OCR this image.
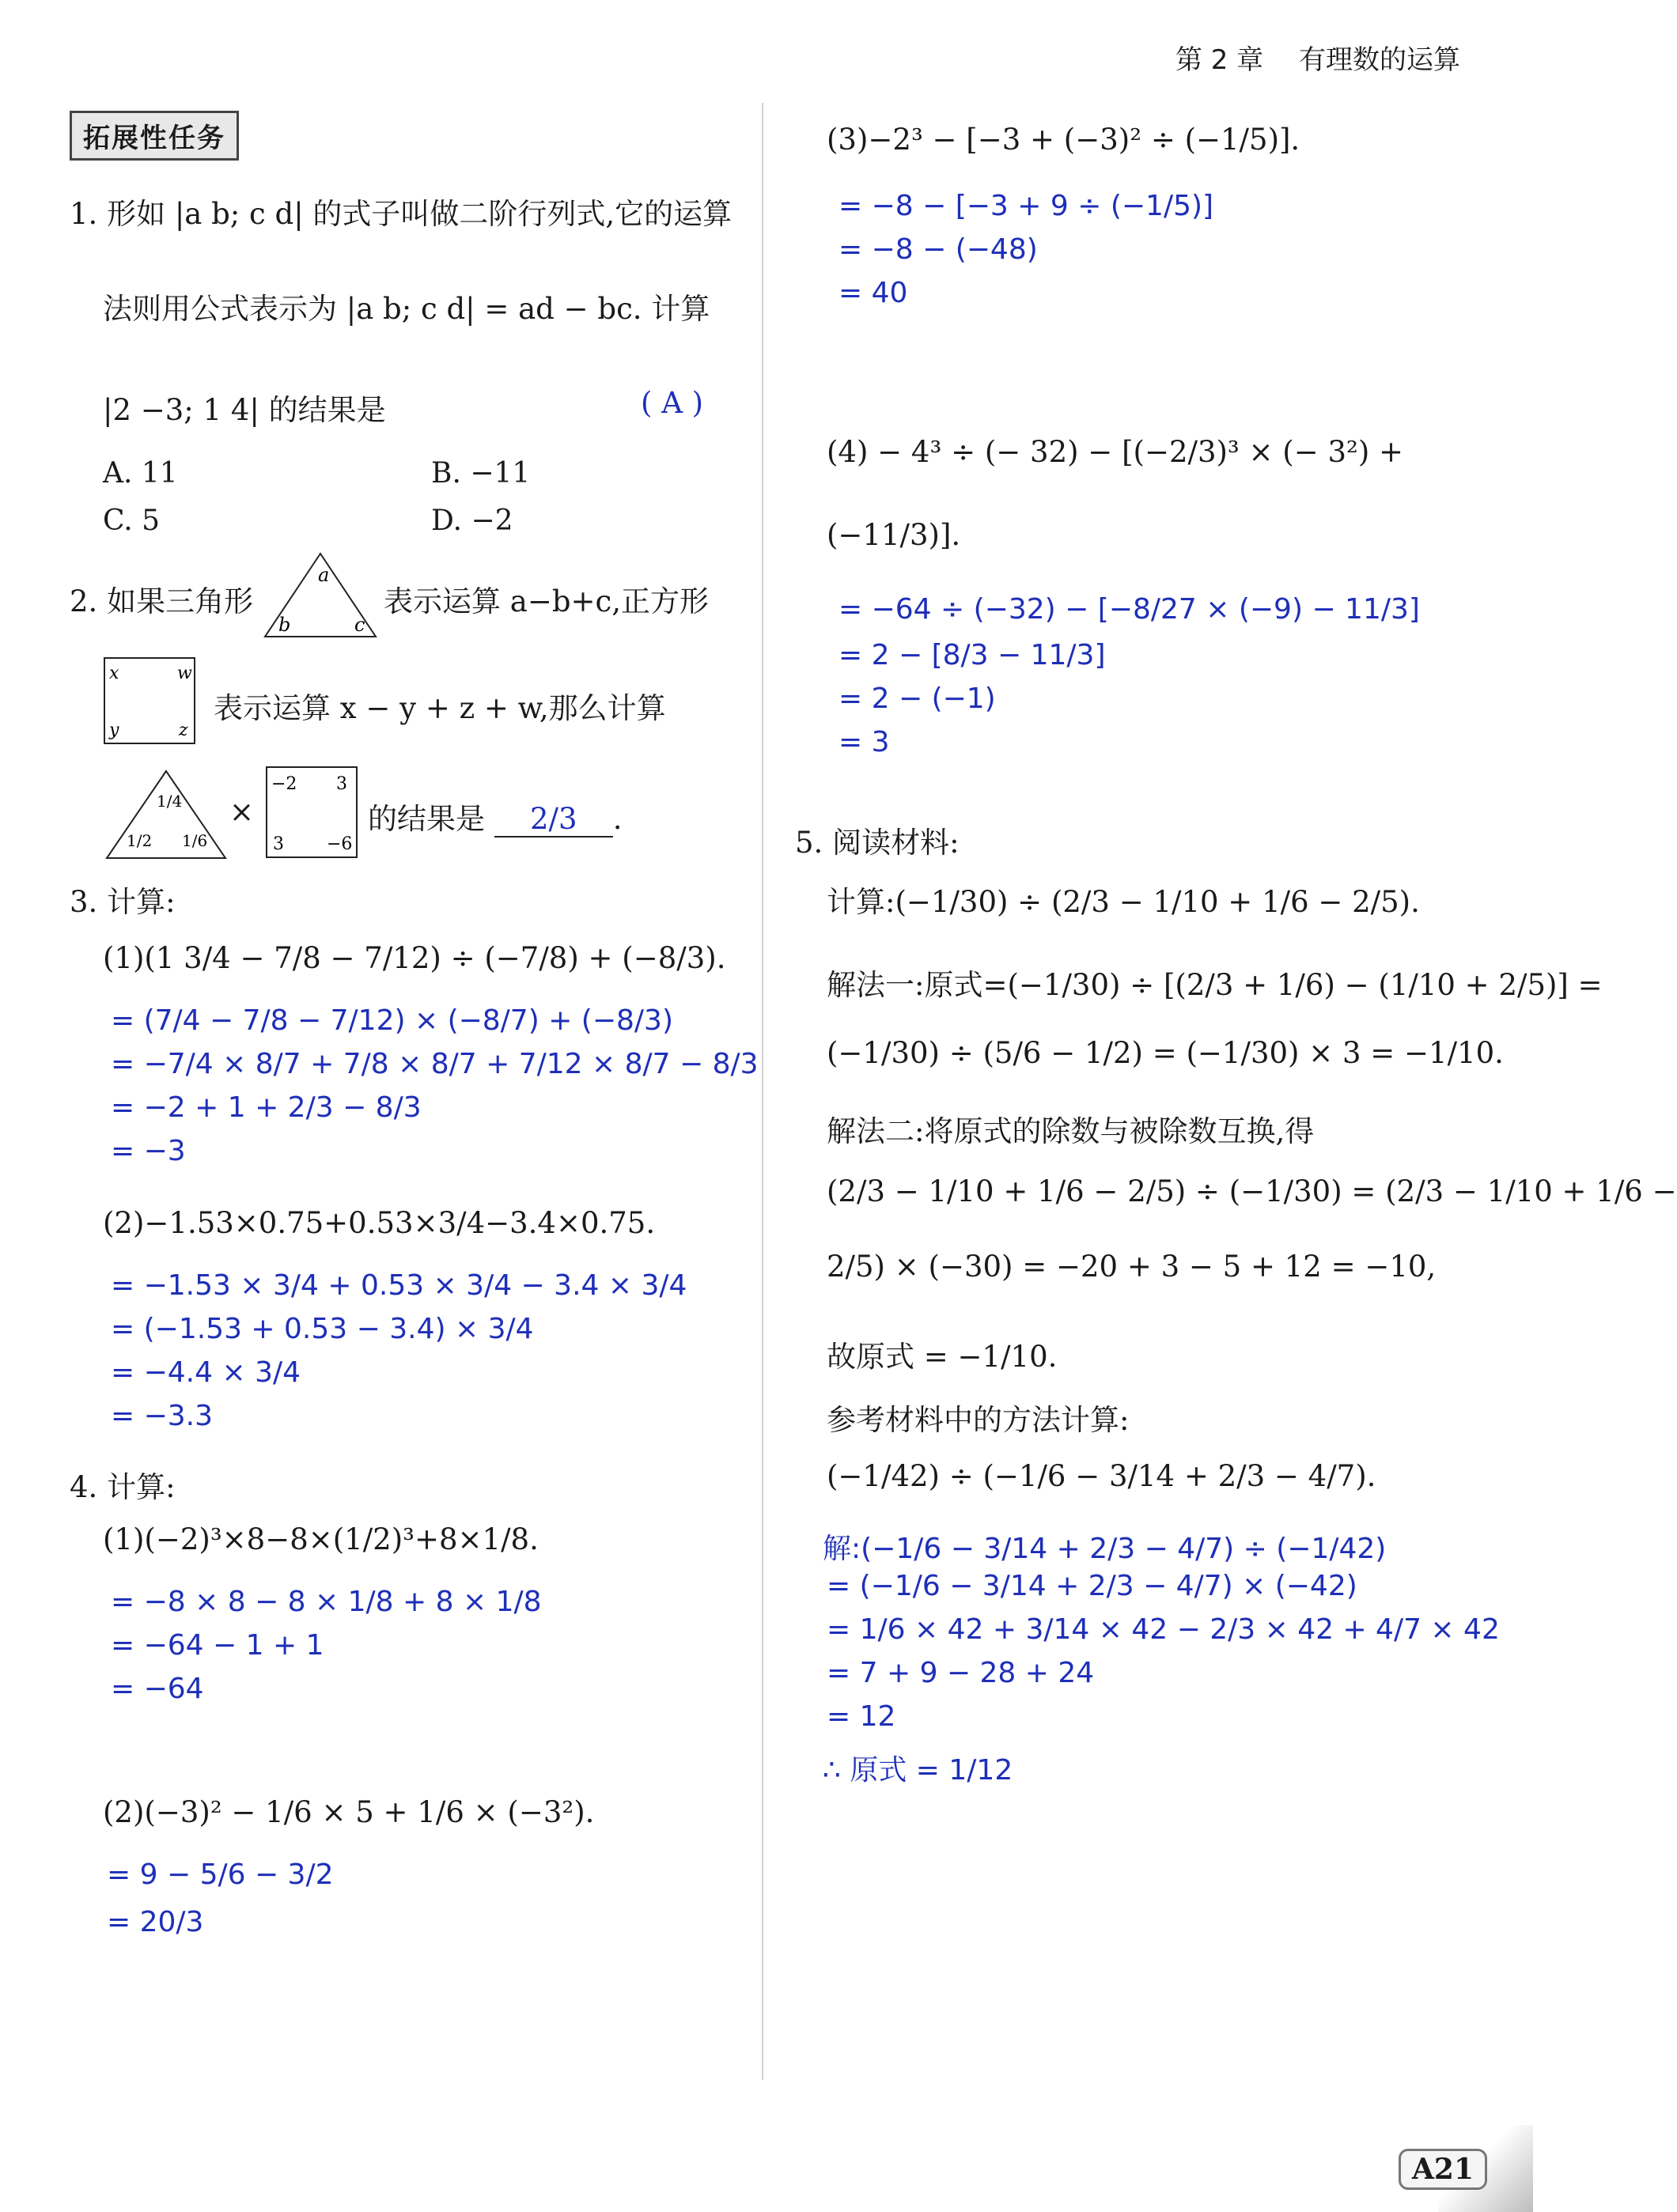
第 2 章 有理数的运算
拓展性任务
1. 形如 |a b; c d| 的式子叫做二阶行列式,它的运算
法则用公式表示为 |a b; c d| = ad − bc. 计算
|2 −3; 1 4| 的结果是	( A )
A. 11	B. −11
C. 5	D. −2
2. 如果三角形
a
b	c
表示运算 a−b+c,正方形
x	w
y	z
表示运算 x − y + z + w,那么计算
1/4
1/2 1/6
×
−2 3
3 −6
的结果是 2/3 .
3. 计算:
(1)(1 3/4 − 7/8 − 7/12) ÷ (−7/8) + (−8/3).
= (7/4 − 7/8 − 7/12) × (−8/7) + (−8/3)
= −7/4 × 8/7 + 7/8 × 8/7 + 7/12 × 8/7 − 8/3
= −2 + 1 + 2/3 − 8/3
= −3
(2)−1.53×0.75+0.53×3/4−3.4×0.75.
= −1.53 × 3/4 + 0.53 × 3/4 − 3.4 × 3/4
= (−1.53 + 0.53 − 3.4) × 3/4
= −4.4 × 3/4
= −3.3
4. 计算:
(1)(−2)³×8−8×(1/2)³+8×1/8.
= −8 × 8 − 8 × 1/8 + 8 × 1/8
= −64 − 1 + 1
= −64
(2)(−3)² − 1/6 × 5 + 1/6 × (−3²).
= 9 − 5/6 − 3/2
= 20/3
(3)−2³ − [−3 + (−3)² ÷ (−1/5)].
= −8 − [−3 + 9 ÷ (−1/5)]
= −8 − (−48)
= 40
(4) − 4³ ÷ (− 32) − [(−2/3)³ × (− 3²) +
(−11/3)].
= −64 ÷ (−32) − [−8/27 × (−9) − 11/3]
= 2 − [8/3 − 11/3]
= 2 − (−1)
= 3
5. 阅读材料:
计算:(−1/30) ÷ (2/3 − 1/10 + 1/6 − 2/5).
解法一:原式=(−1/30) ÷ [(2/3 + 1/6) − (1/10 + 2/5)] =
(−1/30) ÷ (5/6 − 1/2) = (−1/30) × 3 = −1/10.
解法二:将原式的除数与被除数互换,得
(2/3 − 1/10 + 1/6 − 2/5) ÷ (−1/30) = (2/3 − 1/10 + 1/6 −
2/5) × (−30) = −20 + 3 − 5 + 12 = −10,
故原式 = −1/10.
参考材料中的方法计算:
(−1/42) ÷ (−1/6 − 3/14 + 2/3 − 4/7).
解:(−1/6 − 3/14 + 2/3 − 4/7) ÷ (−1/42)
= (−1/6 − 3/14 + 2/3 − 4/7) × (−42)
= 1/6 × 42 + 3/14 × 42 − 2/3 × 42 + 4/7 × 42
= 7 + 9 − 28 + 24
= 12
∴ 原式 = 1/12
A21
